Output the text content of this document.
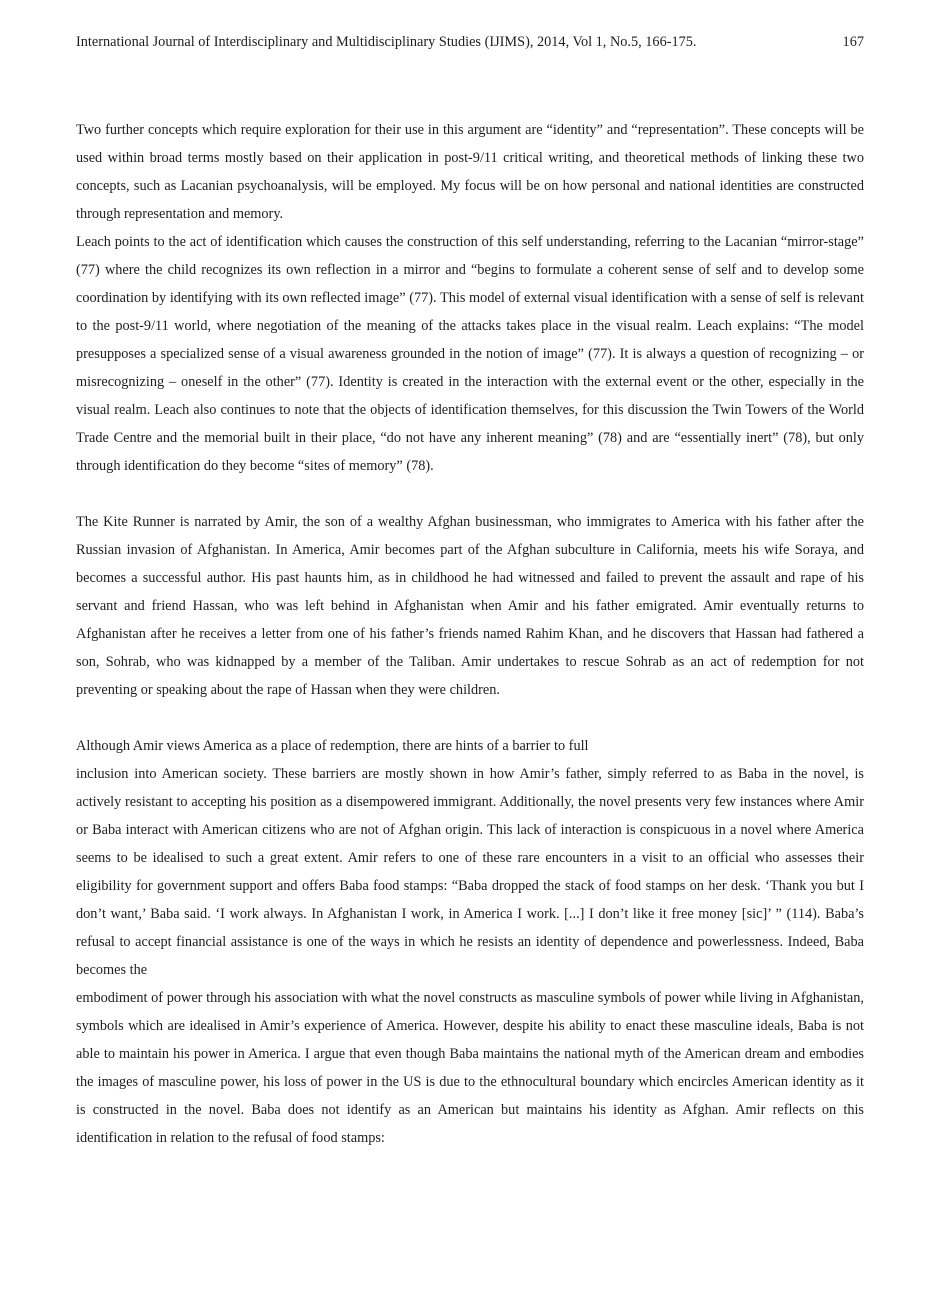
International Journal of Interdisciplinary and Multidisciplinary Studies (IJIMS), 2014, Vol 1, No.5, 166-175.	167

Two further concepts which require exploration for their use in this argument are “identity” and “representation”. These concepts will be used within broad terms mostly based on their application in post-9/11 critical writing, and theoretical methods of linking these two concepts, such as Lacanian psychoanalysis, will be employed. My focus will be on how personal and national identities are constructed through representation and memory.

Leach points to the act of identification which causes the construction of this self understanding, referring to the Lacanian “mirror-stage” (77) where the child recognizes its own reflection in a mirror and “begins to formulate a coherent sense of self and to develop some coordination by identifying with its own reflected image” (77). This model of external visual identification with a sense of self is relevant to the post-9/11 world, where negotiation of the meaning of the attacks takes place in the visual realm. Leach explains: “The model presupposes a specialized sense of a visual awareness grounded in the notion of image” (77). It is always a question of recognizing – or misrecognizing – oneself in the other” (77). Identity is created in the interaction with the external event or the other, especially in the visual realm. Leach also continues to note that the objects of identification themselves, for this discussion the Twin Towers of the World Trade Centre and the memorial built in their place, “do not have any inherent meaning” (78) and are “essentially inert” (78), but only through identification do they become “sites of memory” (78).

The Kite Runner is narrated by Amir, the son of a wealthy Afghan businessman, who immigrates to America with his father after the Russian invasion of Afghanistan. In America, Amir becomes part of the Afghan subculture in California, meets his wife Soraya, and becomes a successful author. His past haunts him, as in childhood he had witnessed and failed to prevent the assault and rape of his servant and friend Hassan, who was left behind in Afghanistan when Amir and his father emigrated. Amir eventually returns to Afghanistan after he receives a letter from one of his father’s friends named Rahim Khan, and he discovers that Hassan had fathered a son, Sohrab, who was kidnapped by a member of the Taliban. Amir undertakes to rescue Sohrab as an act of redemption for not preventing or speaking about the rape of Hassan when they were children.

Although Amir views America as a place of redemption, there are hints of a barrier to full

inclusion into American society. These barriers are mostly shown in how Amir’s father, simply referred to as Baba in the novel, is actively resistant to accepting his position as a disempowered immigrant. Additionally, the novel presents very few instances where Amir or Baba interact with American citizens who are not of Afghan origin. This lack of interaction is conspicuous in a novel where America seems to be idealised to such a great extent. Amir refers to one of these rare encounters in a visit to an official who assesses their eligibility for government support and offers Baba food stamps: “Baba dropped the stack of food stamps on her desk. ‘Thank you but I don’t want,’ Baba said. ‘I work always. In Afghanistan I work, in America I work. [...] I don’t like it free money [sic]’ ” (114). Baba’s refusal to accept financial assistance is one of the ways in which he resists an identity of dependence and powerlessness. Indeed, Baba becomes the

embodiment of power through his association with what the novel constructs as masculine symbols of power while living in Afghanistan, symbols which are idealised in Amir’s experience of America. However, despite his ability to enact these masculine ideals, Baba is not able to maintain his power in America. I argue that even though Baba maintains the national myth of the American dream and embodies the images of masculine power, his loss of power in the US is due to the ethnocultural boundary which encircles American identity as it is constructed in the novel. Baba does not identify as an American but maintains his identity as Afghan. Amir reflects on this identification in relation to the refusal of food stamps:
